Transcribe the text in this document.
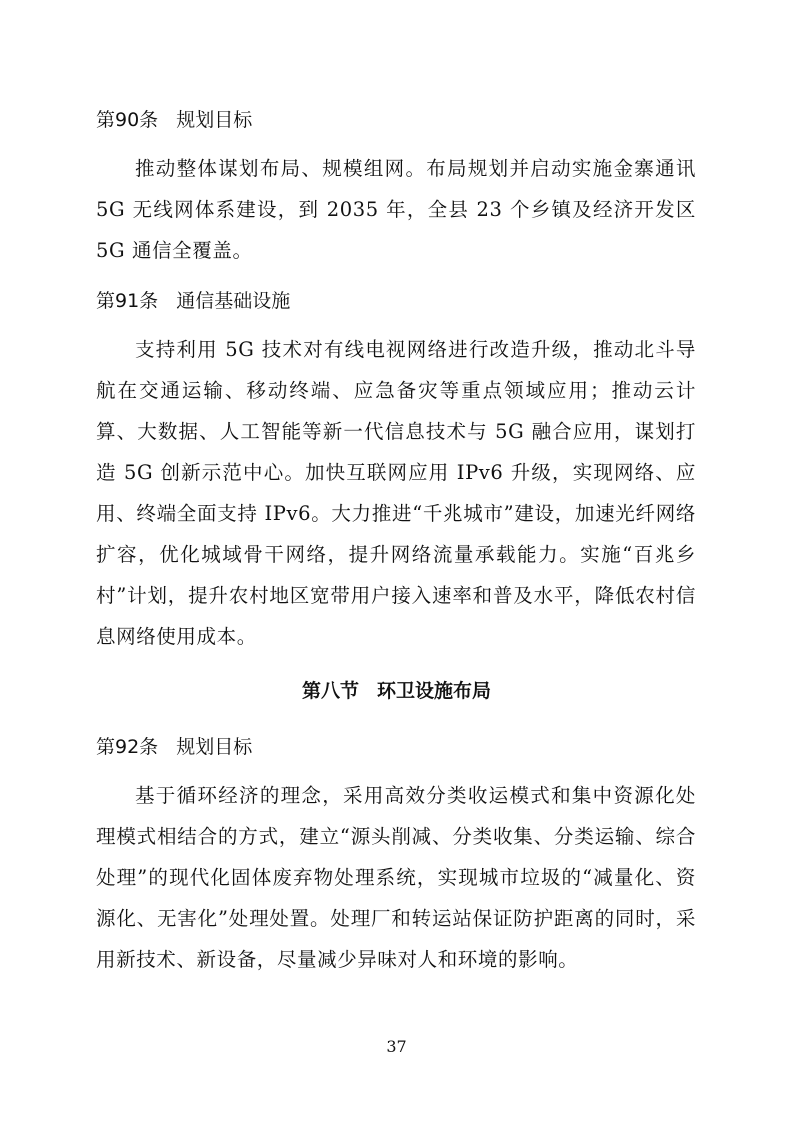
第90条 规划目标

推动整体谋划布局、规模组网。布局规划并启动实施金寨通讯 5G 无线网体系建设，到 2035 年，全县 23 个乡镇及经济开发区 5G 通信全覆盖。

第91条 通信基础设施

支持利用 5G 技术对有线电视网络进行改造升级，推动北斗导航在交通运输、移动终端、应急备灾等重点领域应用；推动云计算、大数据、人工智能等新一代信息技术与 5G 融合应用，谋划打造 5G 创新示范中心。加快互联网应用 IPv6 升级，实现网络、应用、终端全面支持 IPv6。大力推进“千兆城市”建设，加速光纤网络扩容，优化城域骨干网络，提升网络流量承载能力。实施“百兆乡村”计划，提升农村地区宽带用户接入速率和普及水平，降低农村信息网络使用成本。

第八节 环卫设施布局
第92条 规划目标

基于循环经济的理念，采用高效分类收运模式和集中资源化处理模式相结合的方式，建立“源头削减、分类收集、分类运输、综合处理”的现代化固体废弃物处理系统，实现城市垃圾的“减量化、资源化、无害化”处理处置。处理厂和转运站保证防护距离的同时，采用新技术、新设备，尽量减少异味对人和环境的影响。

37
